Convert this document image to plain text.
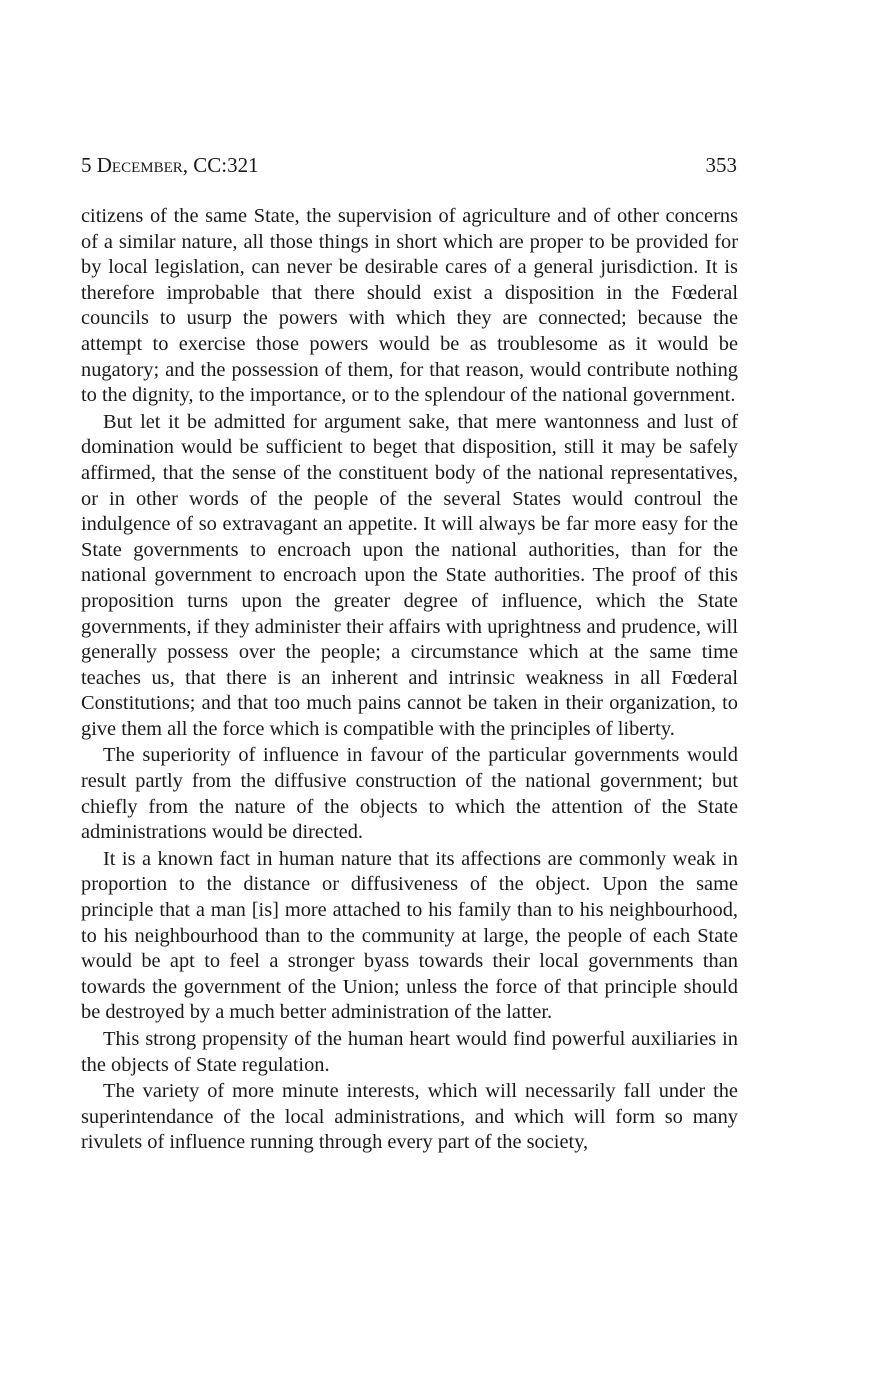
5 December, CC:321	353

citizens of the same State, the supervision of agriculture and of other concerns of a similar nature, all those things in short which are proper to be provided for by local legislation, can never be desirable cares of a general jurisdiction. It is therefore improbable that there should exist a disposition in the Fœderal councils to usurp the powers with which they are connected; because the attempt to exercise those powers would be as troublesome as it would be nugatory; and the possession of them, for that reason, would contribute nothing to the dignity, to the importance, or to the splendour of the national government.

But let it be admitted for argument sake, that mere wantonness and lust of domination would be sufficient to beget that disposition, still it may be safely affirmed, that the sense of the constituent body of the national representatives, or in other words of the people of the several States would controul the indulgence of so extravagant an appetite. It will always be far more easy for the State governments to encroach upon the national authorities, than for the national government to encroach upon the State authorities. The proof of this proposition turns upon the greater degree of influence, which the State governments, if they administer their affairs with uprightness and prudence, will generally possess over the people; a circumstance which at the same time teaches us, that there is an inherent and intrinsic weakness in all Fœderal Constitutions; and that too much pains cannot be taken in their organization, to give them all the force which is compatible with the principles of liberty.

The superiority of influence in favour of the particular governments would result partly from the diffusive construction of the national government; but chiefly from the nature of the objects to which the attention of the State administrations would be directed.

It is a known fact in human nature that its affections are commonly weak in proportion to the distance or diffusiveness of the object. Upon the same principle that a man [is] more attached to his family than to his neighbourhood, to his neighbourhood than to the community at large, the people of each State would be apt to feel a stronger byass towards their local governments than towards the government of the Union; unless the force of that principle should be destroyed by a much better administration of the latter.

This strong propensity of the human heart would find powerful auxiliaries in the objects of State regulation.

The variety of more minute interests, which will necessarily fall under the superintendance of the local administrations, and which will form so many rivulets of influence running through every part of the society,
